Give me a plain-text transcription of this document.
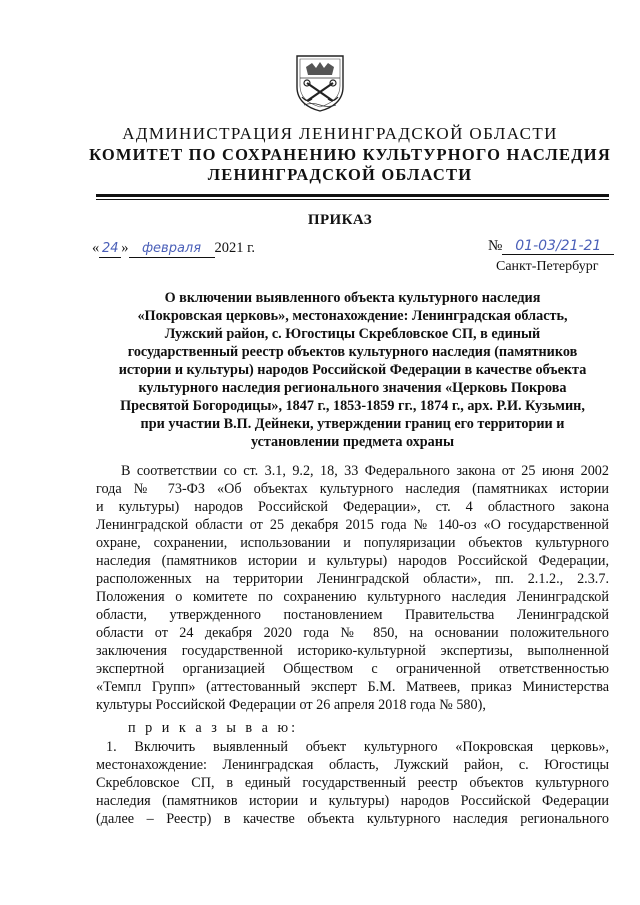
АДМИНИСТРАЦИЯ ЛЕНИНГРАДСКОЙ ОБЛАСТИ
КОМИТЕТ ПО СОХРАНЕНИЮ КУЛЬТУРНОГО НАСЛЕДИЯ
ЛЕНИНГРАДСКОЙ ОБЛАСТИ
ПРИКАЗ
« 24 » февраля 2021 г.	№ 01-03/21-21
Санкт-Петербург
О включении выявленного объекта культурного наследия
«Покровская церковь», местонахождение: Ленинградская область,
Лужский район, с. Югостицы Скребловское СП, в единый
государственный реестр объектов культурного наследия (памятников
истории и культуры) народов Российской Федерации в качестве объекта
культурного наследия регионального значения «Церковь Покрова
Пресвятой Богородицы», 1847 г., 1853-1859 гг., 1874 г., арх. Р.И. Кузьмин,
при участии В.П. Дейнеки, утверждении границ его территории и
установлении предмета охраны
В соответствии со ст. 3.1, 9.2, 18, 33 Федерального закона от 25 июня 2002
года № 73-ФЗ «Об объектах культурного наследия (памятниках истории
и культуры) народов Российской Федерации», ст. 4 областного закона
Ленинградской области от 25 декабря 2015 года № 140-оз «О государственной
охране, сохранении, использовании и популяризации объектов культурного
наследия (памятников истории и культуры) народов Российской Федерации,
расположенных на территории Ленинградской области», пп. 2.1.2., 2.3.7.
Положения о комитете по сохранению культурного наследия Ленинградской
области, утвержденного постановлением Правительства Ленинградской
области от 24 декабря 2020 года № 850, на основании положительного
заключения государственной историко-культурной экспертизы, выполненной
экспертной организацией Обществом с ограниченной ответственностью
«Темпл Групп» (аттестованный эксперт Б.М. Матвеев, приказ Министерства
культуры Российской Федерации от 26 апреля 2018 года № 580),
п р и к а з ы в а ю:
1. Включить выявленный объект культурного «Покровская церковь»,
местонахождение: Ленинградская область, Лужский район, с. Югостицы
Скребловское СП, в единый государственный реестр объектов культурного
наследия (памятников истории и культуры) народов Российской Федерации
(далее – Реестр) в качестве объекта культурного наследия регионального
